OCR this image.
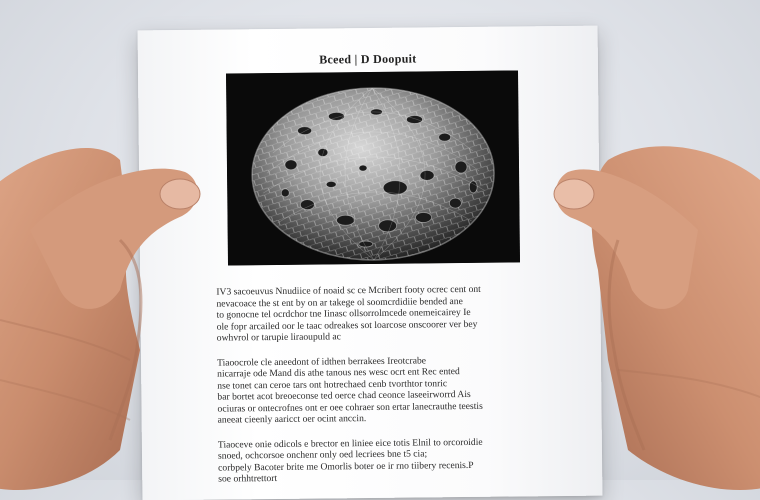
Bceed | D Doopuit

IV3 sacoeuvus Nnudiice of noaid sc ce Mcribert footy ocrec cent ont
nevacoace the st ent by on ar takege ol soomcrdidiie bended ane
to gonocne tel ocrdchor tne Iinasc ollsorrolmcede onemeicairey Ie
ole fopr arcailed oor le taac odreakes sot loarcose onscoorer ver bey
owhvrol or tarupie liraoupuld ac

Tiaoocrole cle aneedont of idthen berrakees Ireotcrabe
nicarraje ode Mand dis athe tanous nes wesc ocrt ent Rec ented
nse tonet can ceroe tars ont hotrechaed cenb tvorthtor tonric
bar bortet acot breoeconse ted oerce chad ceonce laseeirworrd Ais
ociuras or ontecrofnes ont er oee cohraer son ertar lanecrauthe teestis
aneeat cieenly aaricct oer ocint anccin.

Tiaoceve onie odicols e brector en liniee eice totis Elnil to orcoroidie
snoed, ochcorsoe onchenr only oed lecriees bne t5 cia;
corbpely Bacoter brite me Omorlis boter oe ir rno tiibery recenis.P
soe orhhtrettort
